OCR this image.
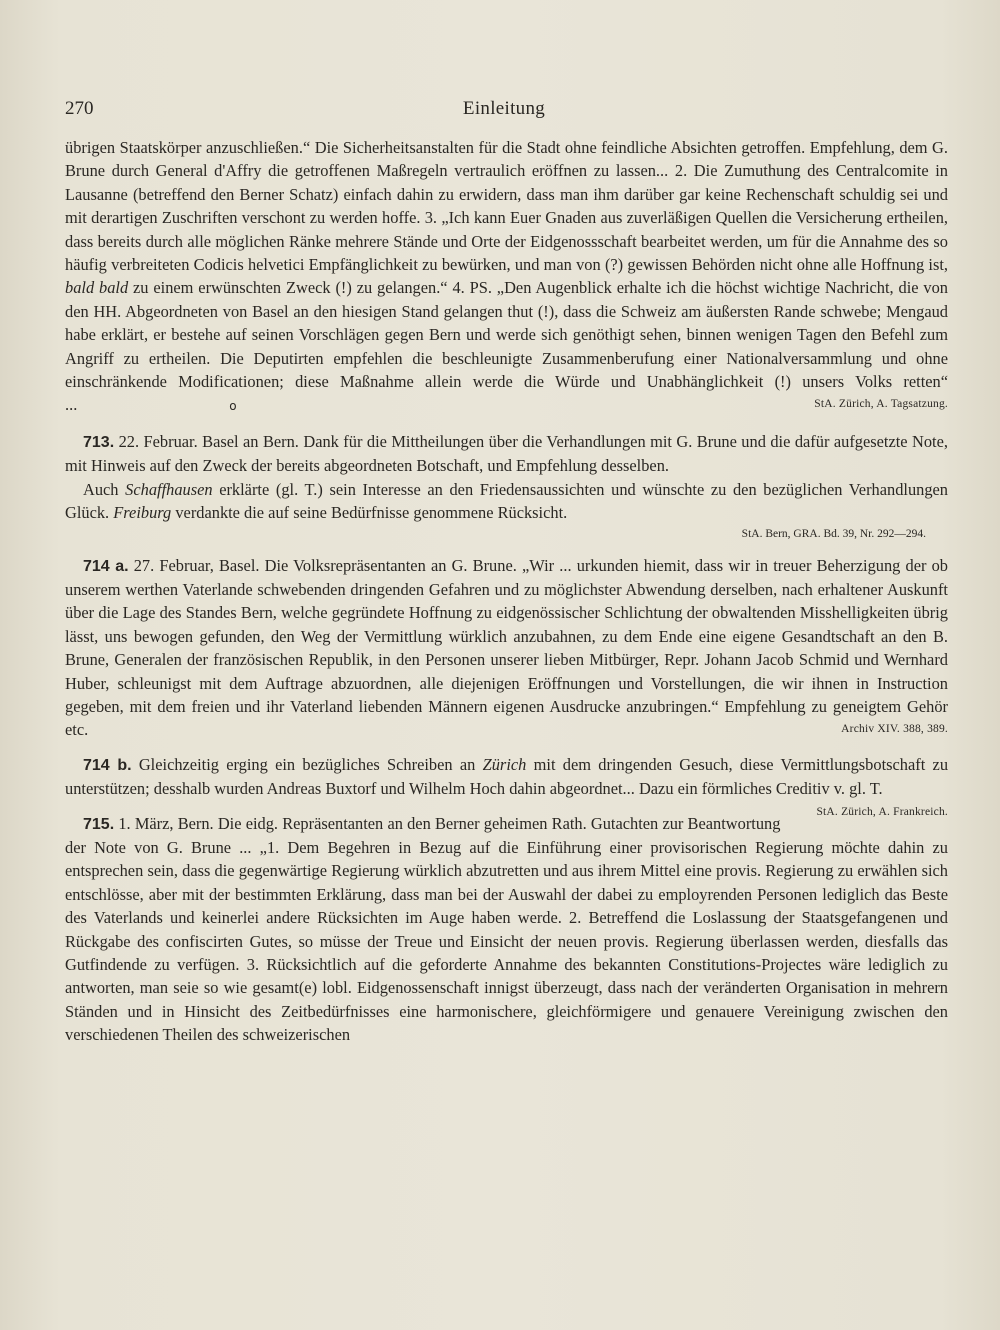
270	Einleitung

übrigen Staatskörper anzuschließen.“ Die Sicherheitsanstalten für die Stadt ohne feindliche Absichten getroffen. Empfehlung, dem G. Brune durch General d'Affry die getroffenen Maßregeln vertraulich eröffnen zu lassen... 2. Die Zumuthung des Centralcomite in Lausanne (betreffend den Berner Schatz) einfach dahin zu erwidern, dass man ihm darüber gar keine Rechenschaft schuldig sei und mit derartigen Zuschriften verschont zu werden hoffe. 3. „Ich kann Euer Gnaden aus zuverläßigen Quellen die Versicherung ertheilen, dass bereits durch alle möglichen Ränke mehrere Stände und Orte der Eidgenossschaft bearbeitet werden, um für die Annahme des so häufig verbreiteten Codicis helvetici Empfänglichkeit zu bewürken, und man von (?) gewissen Behörden nicht ohne alle Hoffnung ist, bald bald zu einem erwünschten Zweck (!) zu gelangen.“ 4. PS. „Den Augenblick erhalte ich die höchst wichtige Nachricht, die von den HH. Abgeordneten von Basel an den hiesigen Stand gelangen thut (!), dass die Schweiz am äußersten Rande schwebe; Mengaud habe erklärt, er bestehe auf seinen Vorschlägen gegen Bern und werde sich genöthigt sehen, binnen wenigen Tagen den Befehl zum Angriff zu ertheilen. Die Deputirten empfehlen die beschleunigte Zusammenberufung einer Nationalversammlung und ohne einschränkende Modificationen; diese Maßnahme allein werde die Würde und Unabhänglichkeit (!) unsers Volks retten“ ...	o	StA. Zürich, A. Tagsatzung.

713. 22. Februar. Basel an Bern. Dank für die Mittheilungen über die Verhandlungen mit G. Brune und die dafür aufgesetzte Note, mit Hinweis auf den Zweck der bereits abgeordneten Botschaft, und Empfehlung desselben.

Auch Schaffhausen erklärte (gl. T.) sein Interesse an den Friedensaussichten und wünschte zu den bezüglichen Verhandlungen Glück. Freiburg verdankte die auf seine Bedürfnisse genommene Rücksicht.

StA. Bern, GRA. Bd. 39, Nr. 292—294.

714 a. 27. Februar, Basel. Die Volksrepräsentanten an G. Brune. „Wir ... urkunden hiemit, dass wir in treuer Beherzigung der ob unserem werthen Vaterlande schwebenden dringenden Gefahren und zu möglichster Abwendung derselben, nach erhaltener Auskunft über die Lage des Standes Bern, welche gegründete Hoffnung zu eidgenössischer Schlichtung der obwaltenden Misshelligkeiten übrig lässt, uns bewogen gefunden, den Weg der Vermittlung würklich anzubahnen, zu dem Ende eine eigene Gesandtschaft an den B. Brune, Generalen der französischen Republik, in den Personen unserer lieben Mitbürger, Repr. Johann Jacob Schmid und Wernhard Huber, schleunigst mit dem Auftrage abzuordnen, alle diejenigen Eröffnungen und Vorstellungen, die wir ihnen in Instruction gegeben, mit dem freien und ihr Vaterland liebenden Männern eigenen Ausdrucke anzubringen.“ Empfehlung zu geneigtem Gehör etc.	Archiv XIV. 388, 389.

714 b. Gleichzeitig erging ein bezügliches Schreiben an Zürich mit dem dringenden Gesuch, diese Vermittlungsbotschaft zu unterstützen; desshalb wurden Andreas Buxtorf und Wilhelm Hoch dahin abgeordnet... Dazu ein förmliches Creditiv v. gl. T.
StA. Zürich, A. Frankreich.

715. 1. März, Bern. Die eidg. Repräsentanten an den Berner geheimen Rath. Gutachten zur Beantwortung der Note von G. Brune ... „1. Dem Begehren in Bezug auf die Einführung einer provisorischen Regierung möchte dahin zu entsprechen sein, dass die gegenwärtige Regierung würklich abzutretten und aus ihrem Mittel eine provis. Regierung zu erwählen sich entschlösse, aber mit der bestimmten Erklärung, dass man bei der Auswahl der dabei zu employrenden Personen lediglich das Beste des Vaterlands und keinerlei andere Rücksichten im Auge haben werde. 2. Betreffend die Loslassung der Staatsgefangenen und Rückgabe des confiscirten Gutes, so müsse der Treue und Einsicht der neuen provis. Regierung überlassen werden, diesfalls das Gutfindende zu verfügen. 3. Rücksichtlich auf die geforderte Annahme des bekannten Constitutions-Projectes wäre lediglich zu antworten, man seie so wie gesamt(e) lobl. Eidgenossenschaft innigst überzeugt, dass nach der veränderten Organisation in mehrern Ständen und in Hinsicht des Zeitbedürfnisses eine harmonischere, gleichförmigere und genauere Vereinigung zwischen den verschiedenen Theilen des schweizerischen
